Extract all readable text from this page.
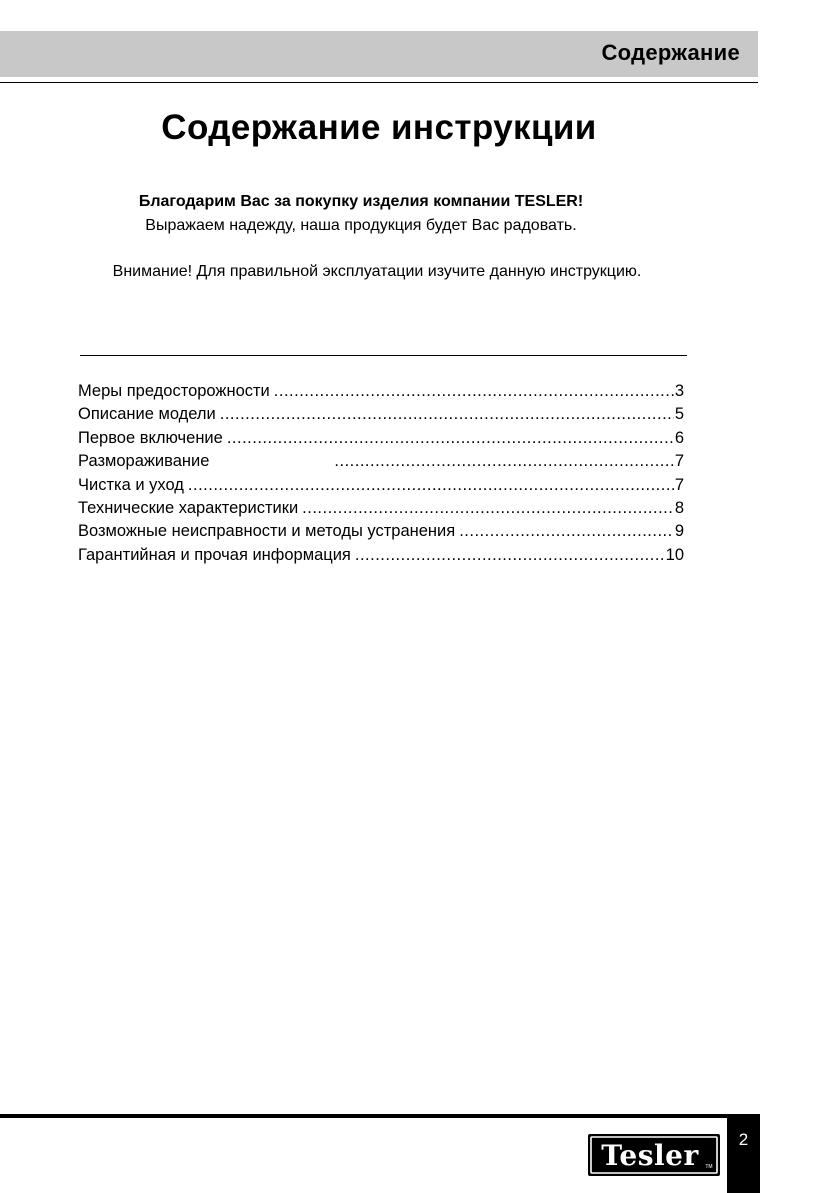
Содержание
Содержание инструкции
Благодарим Вас за покупку изделия компании TESLER!
Выражаем надежду, наша продукция будет Вас радовать.
Внимание! Для правильной эксплуатации изучите данную инструкцию.
Меры предосторожности .....	3
Описание модели .....	5
Первое включение .....	6
Размораживание .....	7
Чистка и уход .....	7
Технические характеристики .....	8
Возможные неисправности и методы устранения .....	9
Гарантийная и прочая информация .....	10
2
Tesler TM
